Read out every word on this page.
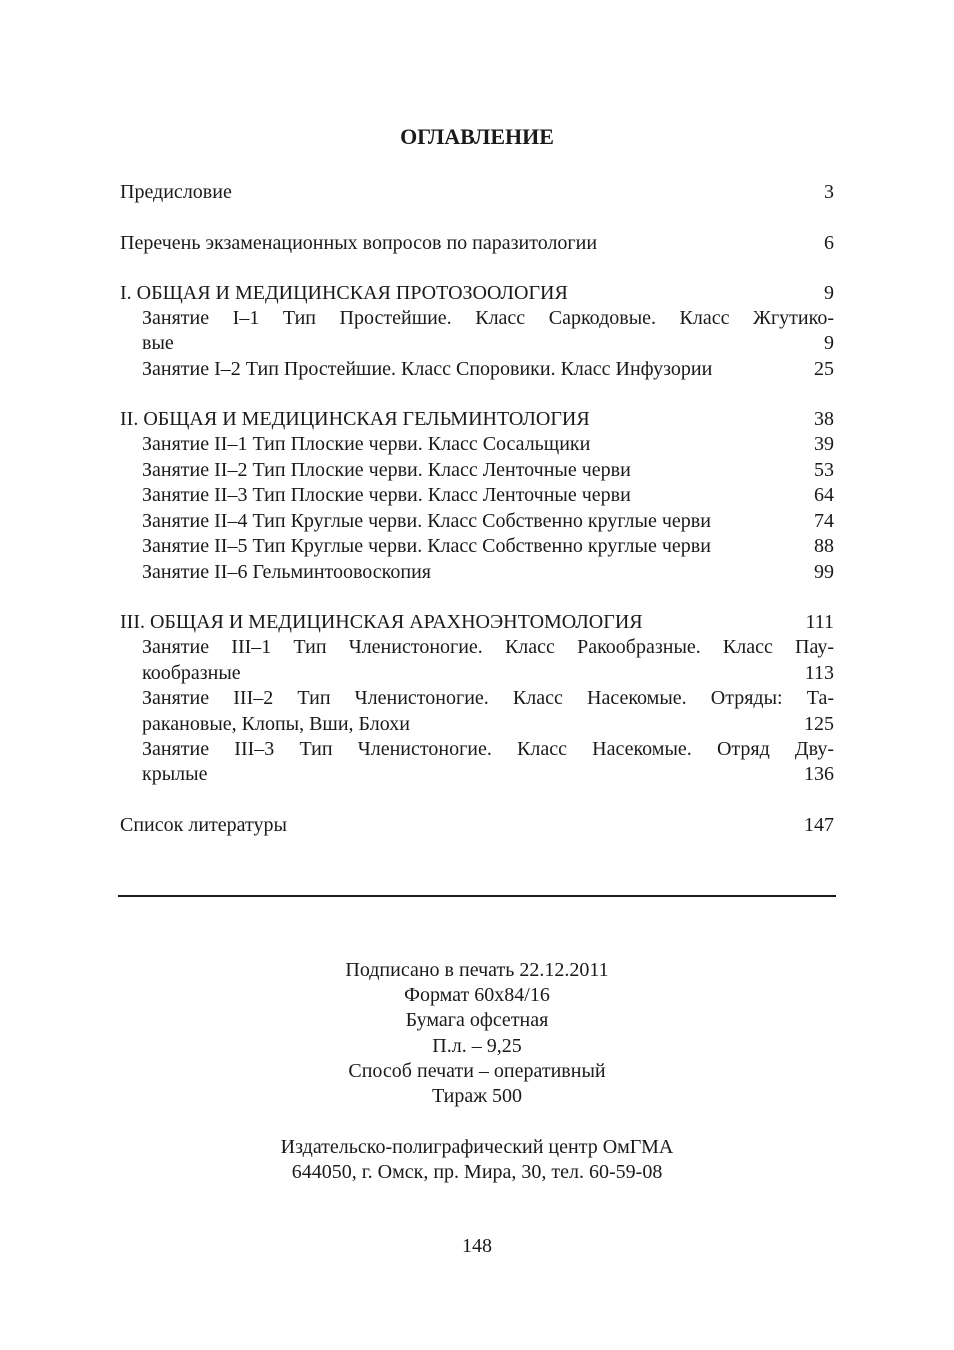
ОГЛАВЛЕНИЕ
Предисловие	3
Перечень экзаменационных вопросов по паразитологии	6
I. ОБЩАЯ И МЕДИЦИНСКАЯ ПРОТОЗООЛОГИЯ	9
Занятие I–1 Тип Простейшие. Класс Саркодовые. Класс Жгутико-
вые	9
Занятие I–2 Тип Простейшие. Класс Споровики. Класс Инфузории	25
II. ОБЩАЯ И МЕДИЦИНСКАЯ ГЕЛЬМИНТОЛОГИЯ	38
Занятие II–1 Тип Плоские черви. Класс Сосальщики	39
Занятие II–2 Тип Плоские черви. Класс Ленточные черви	53
Занятие II–3 Тип Плоские черви. Класс Ленточные черви	64
Занятие II–4 Тип Круглые черви. Класс Собственно круглые черви	74
Занятие II–5 Тип Круглые черви. Класс Собственно круглые черви	88
Занятие II–6 Гельминтоовоскопия	99
III. ОБЩАЯ И МЕДИЦИНСКАЯ АРАХНОЭНТОМОЛОГИЯ	111
Занятие III–1 Тип Членистоногие. Класс Ракообразные. Класс Пау-
кообразные	113
Занятие III–2 Тип Членистоногие. Класс Насекомые. Отряды: Та-
ракановые, Клопы, Вши, Блохи	125
Занятие III–3 Тип Членистоногие. Класс Насекомые. Отряд Дву-
крылые	136
Список литературы	147
Подписано в печать 22.12.2011
Формат 60x84/16
Бумага офсетная
П.л. – 9,25
Способ печати – оперативный
Тираж 500
Издательско-полиграфический центр ОмГМА
644050, г. Омск, пр. Мира, 30, тел. 60-59-08
148
